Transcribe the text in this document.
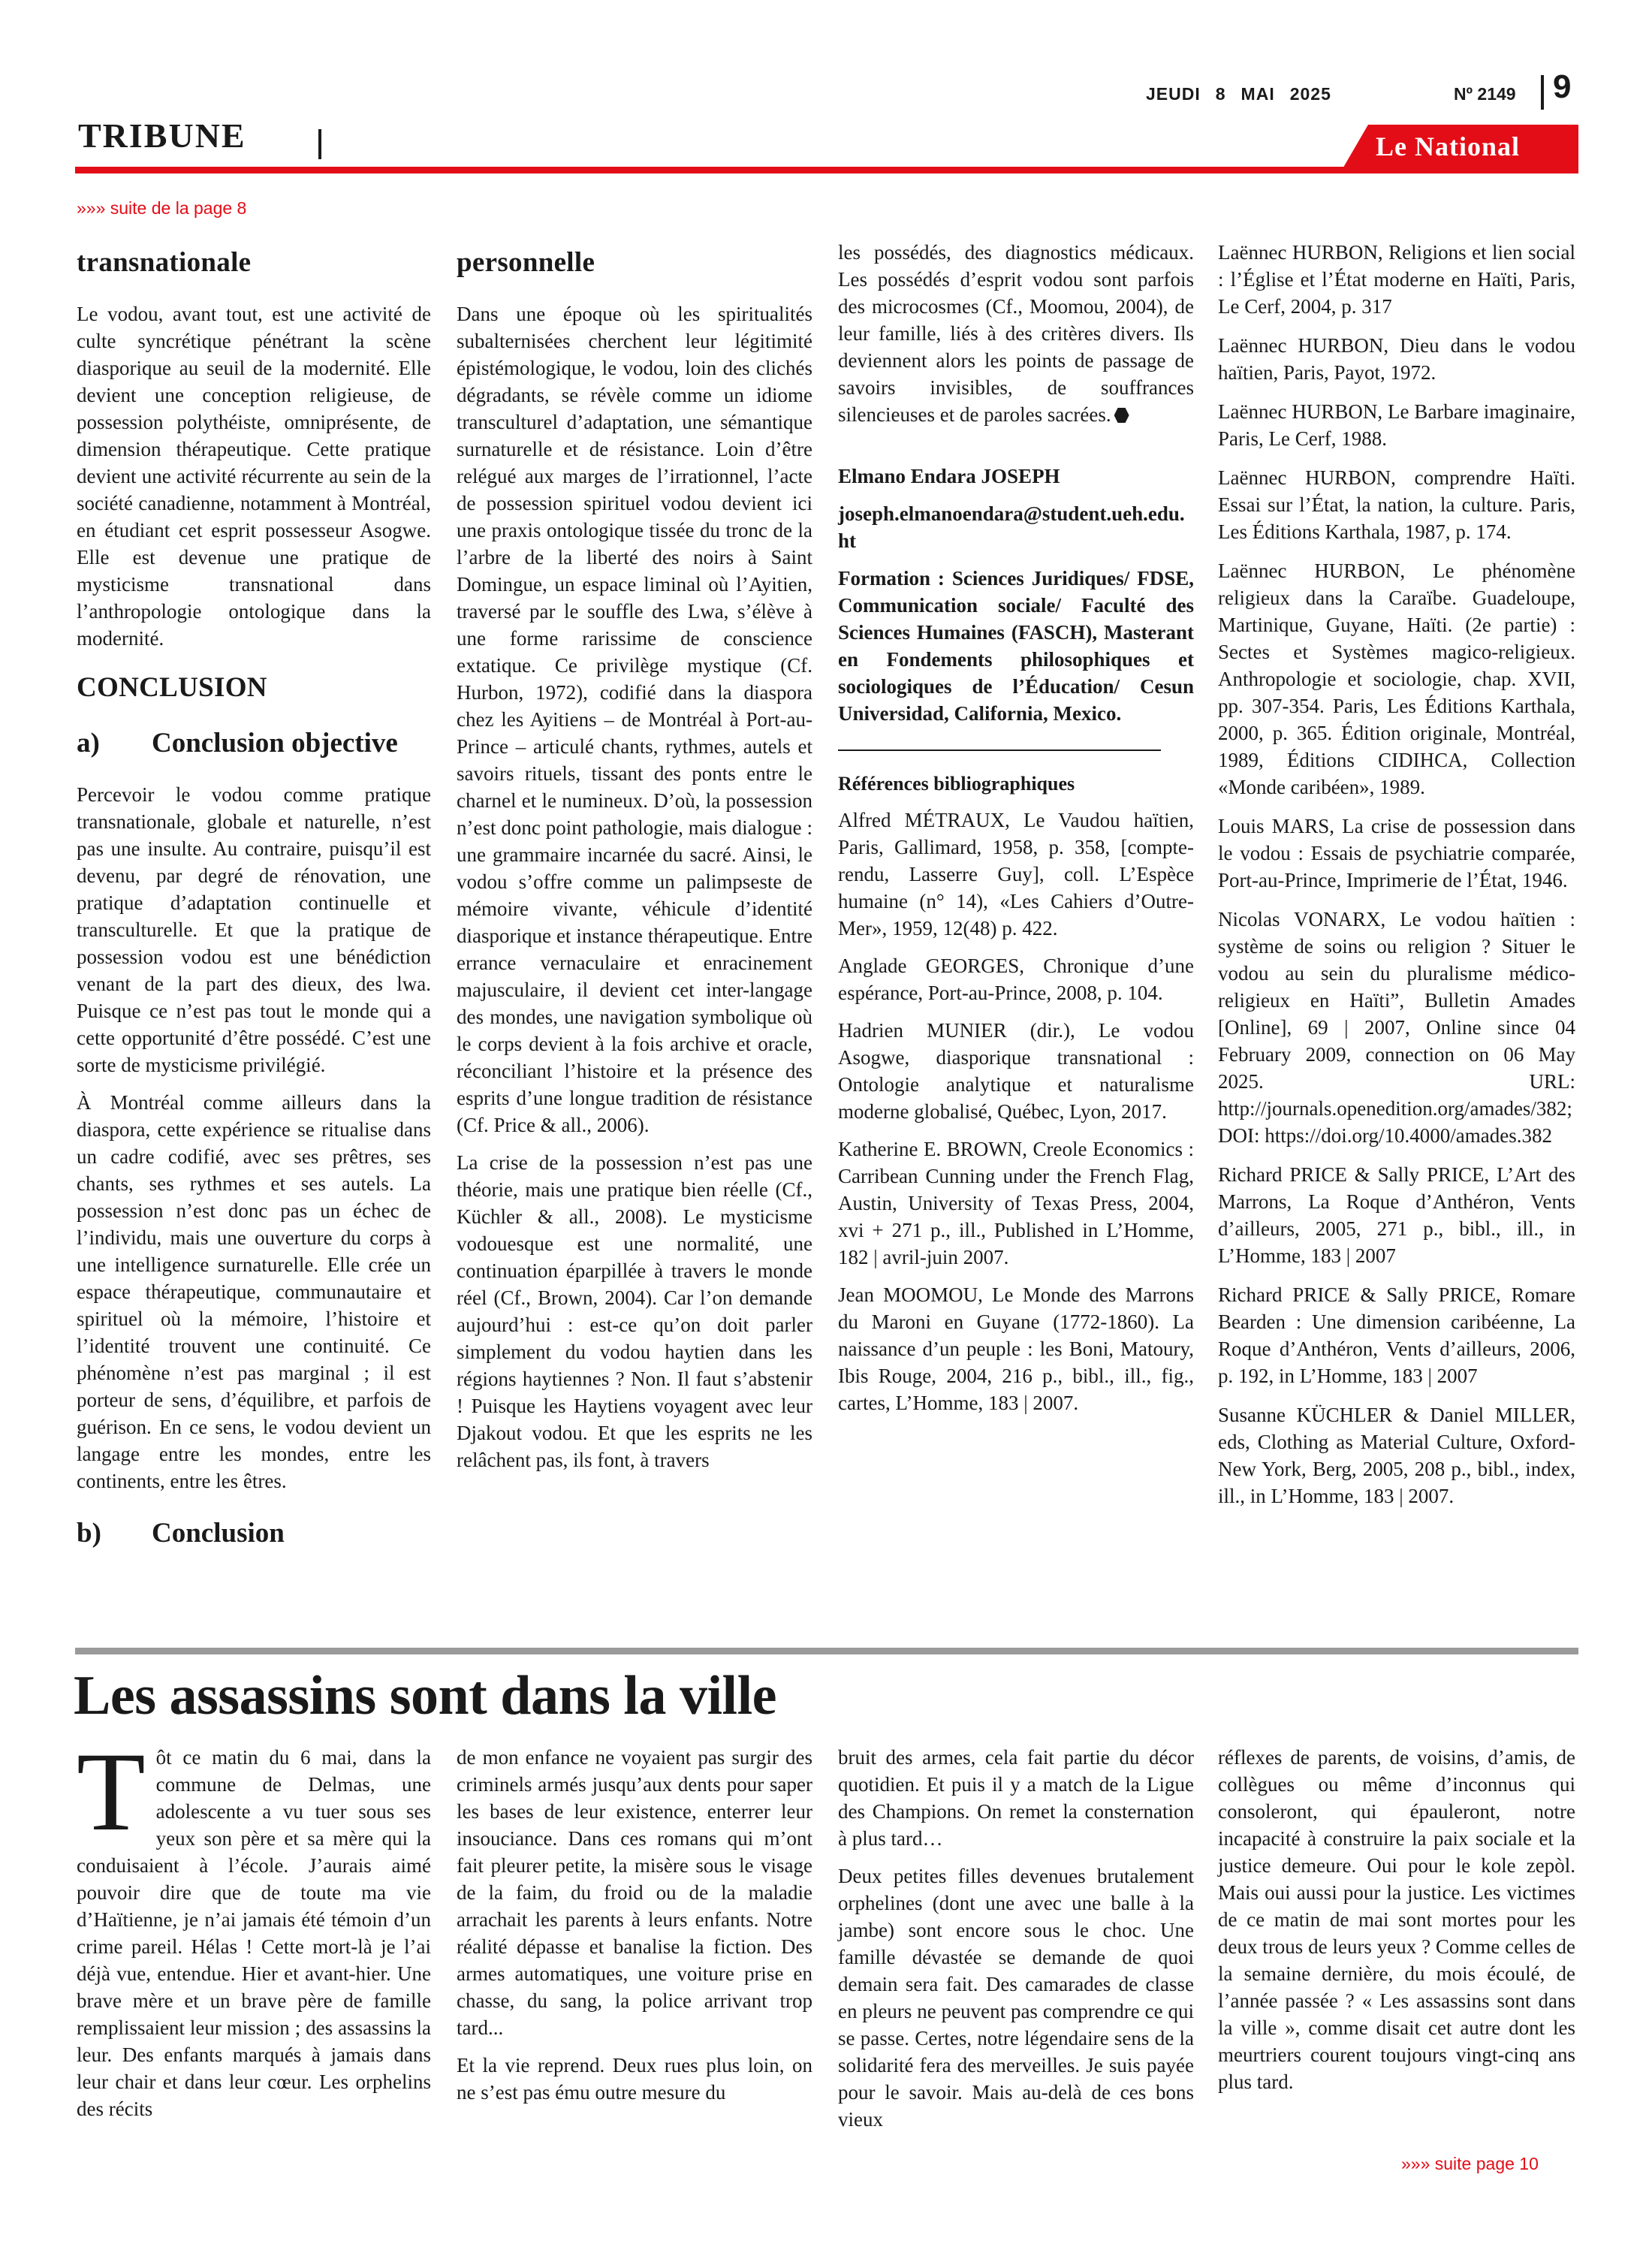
JEUDI 8 MAI 2025	Nº 2149 9
TRIBUNE	Le National
»»» suite de la page 8
transnationale

Le vodou, avant tout, est une activité de culte syncrétique pénétrant la scène diasporique au seuil de la modernité. Elle devient une conception religieuse, de possession polythéiste, omniprésente, de dimension thérapeutique. Cette pratique devient une activité récurrente au sein de la société canadienne, notamment à Montréal, en étudiant cet esprit possesseur Asogwe. Elle est devenue une pratique de mysticisme transnational dans l’anthropologie ontologique dans la modernité.

CONCLUSION
a)	Conclusion objective

Percevoir le vodou comme pratique transnationale, globale et naturelle, n’est pas une insulte. Au contraire, puisqu’il est devenu, par degré de rénovation, une pratique d’adaptation continuelle et transculturelle. Et que la pratique de possession vodou est une bénédiction venant de la part des dieux, des lwa. Puisque ce n’est pas tout le monde qui a cette opportunité d’être possédé. C’est une sorte de mysticisme privilégié.

À Montréal comme ailleurs dans la diaspora, cette expérience se ritualise dans un cadre codifié, avec ses prêtres, ses chants, ses rythmes et ses autels. La possession n’est donc pas un échec de l’individu, mais une ouverture du corps à une intelligence surnaturelle. Elle crée un espace thérapeutique, communautaire et spirituel où la mémoire, l’histoire et l’identité trouvent une continuité. Ce phénomène n’est pas marginal ; il est porteur de sens, d’équilibre, et parfois de guérison. En ce sens, le vodou devient un langage entre les mondes, entre les continents, entre les êtres.

b)	Conclusion
personnelle

Dans une époque où les spiritualités subalternisées cherchent leur légitimité épistémologique, le vodou, loin des clichés dégradants, se révèle comme un idiome transculturel d’adaptation, une sémantique surnaturelle et de résistance. Loin d’être relégué aux marges de l’irrationnel, l’acte de possession spirituel vodou devient ici une praxis ontologique tissée du tronc de la l’arbre de la liberté des noirs à Saint Domingue, un espace liminal où l’Ayitien, traversé par le souffle des Lwa, s’élève à une forme rarissime de conscience extatique. Ce privilège mystique (Cf. Hurbon, 1972), codifié dans la diaspora chez les Ayitiens – de Montréal à Port-au-Prince – articulé chants, rythmes, autels et savoirs rituels, tissant des ponts entre le charnel et le numineux. D’où, la possession n’est donc point pathologie, mais dialogue : une grammaire incarnée du sacré. Ainsi, le vodou s’offre comme un palimpseste de mémoire vivante, véhicule d’identité diasporique et instance thérapeutique. Entre errance vernaculaire et enracinement majusculaire, il devient cet inter-langage des mondes, une navigation symbolique où le corps devient à la fois archive et oracle, réconciliant l’histoire et la présence des esprits d’une longue tradition de résistance (Cf. Price & all., 2006).

La crise de la possession n’est pas une théorie, mais une pratique bien réelle (Cf., Küchler & all., 2008). Le mysticisme vodouesque est une normalité, une continuation éparpillée à travers le monde réel (Cf., Brown, 2004). Car l’on demande aujourd’hui : est-ce qu’on doit parler simplement du vodou haytien dans les régions haytiennes ? Non. Il faut s’abstenir ! Puisque les Haytiens voyagent avec leur Djakout vodou. Et que les esprits ne les relâchent pas, ils font, à travers

les possédés, des diagnostics médicaux. Les possédés d’esprit vodou sont parfois des microcosmes (Cf., Moomou, 2004), de leur famille, liés à des critères divers. Ils deviennent alors les points de passage de savoirs invisibles, de souffrances silencieuses et de paroles sacrées.

Elmano Endara JOSEPH

joseph.elmanoendara@student.ueh.edu.ht

Formation : Sciences Juridiques/ FDSE, Communication sociale/ Faculté des Sciences Humaines (FASCH), Masterant en Fondements philosophiques et sociologiques de l’Éducation/ Cesun Universidad, California, Mexico.

Références bibliographiques
Alfred MÉTRAUX, Le Vaudou haïtien, Paris, Gallimard, 1958, p. 358, [compte-rendu, Lasserre Guy], coll. L’Espèce humaine (n° 14), «Les Cahiers d’Outre-Mer», 1959, 12(48) p. 422.
Anglade GEORGES, Chronique d’une espérance, Port-au-Prince, 2008, p. 104.
Hadrien MUNIER (dir.), Le vodou Asogwe, diasporique transnational : Ontologie analytique et naturalisme moderne globalisé, Québec, Lyon, 2017.
Katherine E. BROWN, Creole Economics : Carribean Cunning under the French Flag, Austin, University of Texas Press, 2004, xvi + 271 p., ill., Published in L’Homme, 182 | avril-juin 2007.
Jean MOOMOU, Le Monde des Marrons du Maroni en Guyane (1772-1860). La naissance d’un peuple : les Boni, Matoury, Ibis Rouge, 2004, 216 p., bibl., ill., fig., cartes, L’Homme, 183 | 2007.
Laënnec HURBON, Religions et lien social : l’Église et l’État moderne en Haïti, Paris, Le Cerf, 2004, p. 317
Laënnec HURBON, Dieu dans le vodou haïtien, Paris, Payot, 1972.
Laënnec HURBON, Le Barbare imaginaire, Paris, Le Cerf, 1988.
Laënnec HURBON, comprendre Haïti. Essai sur l’État, la nation, la culture. Paris, Les Éditions Karthala, 1987, p. 174.
Laënnec HURBON, Le phénomène religieux dans la Caraïbe. Guadeloupe, Martinique, Guyane, Haïti. (2e partie) : Sectes et Systèmes magico-religieux. Anthropologie et sociologie, chap. XVII, pp. 307-354. Paris, Les Éditions Karthala, 2000, p. 365. Édition originale, Montréal, 1989, Éditions CIDIHCA, Collection «Monde caribéen», 1989.
Louis MARS, La crise de possession dans le vodou : Essais de psychiatrie comparée, Port-au-Prince, Imprimerie de l’État, 1946.
Nicolas VONARX, Le vodou haïtien : système de soins ou religion ? Situer le vodou au sein du pluralisme médico-religieux en Haïti”, Bulletin Amades [Online], 69 | 2007, Online since 04 February 2009, connection on 06 May 2025. URL: http://journals.openedition.org/amades/382; DOI: https://doi.org/10.4000/amades.382
Richard PRICE & Sally PRICE, L’Art des Marrons, La Roque d’Anthéron, Vents d’ailleurs, 2005, 271 p., bibl., ill., in L’Homme, 183 | 2007
Richard PRICE & Sally PRICE, Romare Bearden : Une dimension caribéenne, La Roque d’Anthéron, Vents d’ailleurs, 2006, p. 192, in L’Homme, 183 | 2007
Susanne KÜCHLER & Daniel MILLER, eds, Clothing as Material Culture, Oxford-New York, Berg, 2005, 208 p., bibl., index, ill., in L’Homme, 183 | 2007.
Les assassins sont dans la ville

Tôt ce matin du 6 mai, dans la commune de Delmas, une adolescente a vu tuer sous ses yeux son père et sa mère qui la conduisaient à l’école. J’aurais aimé pouvoir dire que de toute ma vie d’Haïtienne, je n’ai jamais été témoin d’un crime pareil. Hélas ! Cette mort-là je l’ai déjà vue, entendue. Hier et avant-hier. Une brave mère et un brave père de famille remplissaient leur mission ; des assassins la leur. Des enfants marqués à jamais dans leur chair et dans leur cœur. Les orphelins des récits

de mon enfance ne voyaient pas surgir des criminels armés jusqu’aux dents pour saper les bases de leur existence, enterrer leur insouciance. Dans ces romans qui m’ont fait pleurer petite, la misère sous le visage de la faim, du froid ou de la maladie arrachait les parents à leurs enfants. Notre réalité dépasse et banalise la fiction. Des armes automatiques, une voiture prise en chasse, du sang, la police arrivant trop tard...

Et la vie reprend. Deux rues plus loin, on ne s’est pas ému outre mesure du

bruit des armes, cela fait partie du décor quotidien. Et puis il y a match de la Ligue des Champions. On remet la consternation à plus tard…

Deux petites filles devenues brutalement orphelines (dont une avec une balle à la jambe) sont encore sous le choc. Une famille dévastée se demande de quoi demain sera fait. Des camarades de classe en pleurs ne peuvent pas comprendre ce qui se passe. Certes, notre légendaire sens de la solidarité fera des merveilles. Je suis payée pour le savoir. Mais au-delà de ces bons vieux

réflexes de parents, de voisins, d’amis, de collègues ou même d’inconnus qui consoleront, qui épauleront, notre incapacité à construire la paix sociale et la justice demeure. Oui pour le kole zepòl. Mais oui aussi pour la justice. Les victimes de ce matin de mai sont mortes pour les deux trous de leurs yeux ? Comme celles de la semaine dernière, du mois écoulé, de l’année passée ? « Les assassins sont dans la ville », comme disait cet autre dont les meurtriers courent toujours vingt-cinq ans plus tard.

»»» suite page 10
